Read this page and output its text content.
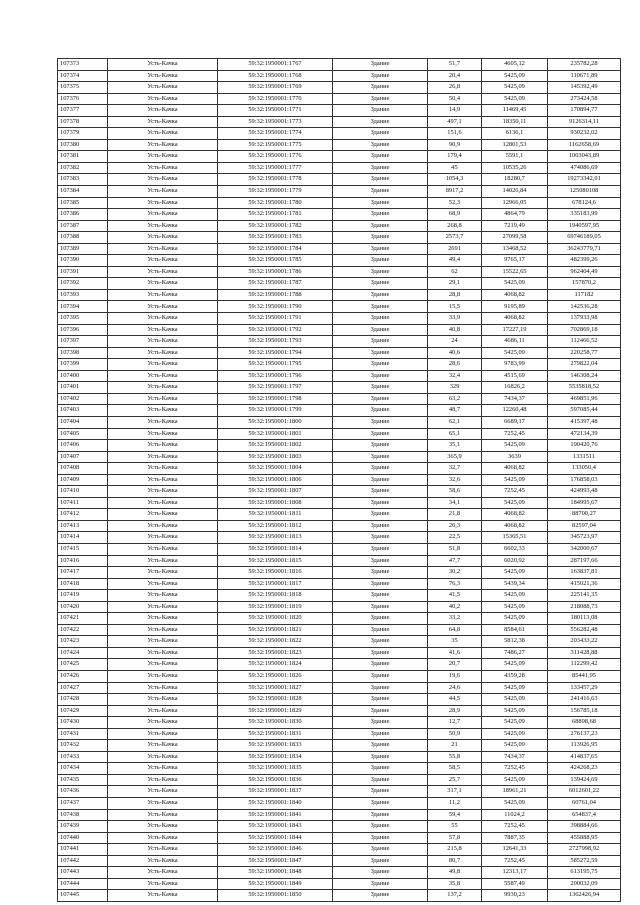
107373	Усть-Качка	59:32:1950001:1767	Здание	51,7	4605,12	235782,28
107374	Усть-Качка	59:32:1950001:1768	Здание	20,4	5425,09	110671,89
107375	Усть-Качка	59:32:1950001:1769	Здание	26,8	5425,09	145392,49
107376	Усть-Качка	59:32:1950001:1770	Здание	50,4	5425,09	273424,58
107377	Усть-Качка	59:32:1950001:1771	Здание	14,9	11469,45	170894,77
107378	Усть-Качка	59:32:1950001:1773	Здание	497,1	18350,11	9126314,11
107379	Усть-Качка	59:32:1950001:1774	Здание	151,6	6136,1	930232,02
107380	Усть-Качка	59:32:1950001:1775	Здание	90,9	12801,53	1162658,69
107381	Усть-Качка	59:32:1950001:1776	Здание	179,4	5591,1	1003043,89
107382	Усть-Качка	59:32:1950001:1777	Здание	45	10535,26	474086,69
107383	Усть-Качка	59:32:1950001:1778	Здание	1054,3	18280,7	19273342,01
107384	Усть-Качка	59:32:1950001:1779	Здание	8917,2	14026,84	125080108
107385	Усть-Качка	59:32:1950001:1780	Здание	52,3	12966,05	678124,6
107386	Усть-Качка	59:32:1950001:1781	Здание	68,9	4864,79	335183,99
107387	Усть-Качка	59:32:1950001:1782	Здание	268,8	7219,49	1940597,95
107388	Усть-Качка	59:32:1950001:1783	Здание	2573,7	27099,58	69746189,05
107389	Усть-Качка	59:32:1950001:1784	Здание	2691	13468,52	36243779,71
107390	Усть-Качка	59:32:1950001:1785	Здание	49,4	9765,17	482399,26
107391	Усть-Качка	59:32:1950001:1786	Здание	62	15522,65	962404,49
107392	Усть-Качка	59:32:1950001:1787	Здание	29,1	5425,09	157870,2
107393	Усть-Качка	59:32:1950001:1788	Здание	28,8	4068,82	117182
107394	Усть-Качка	59:32:1950001:1790	Здание	15,5	9195,89	142536,28
107395	Усть-Качка	59:32:1950001:1791	Здание	33,9	4068,82	137933,98
107396	Усть-Качка	59:32:1950001:1792	Здание	40,8	17227,19	702869,18
107397	Усть-Качка	59:32:1950001:1793	Здание	24	4686,11	112466,52
107398	Усть-Качка	59:32:1950001:1794	Здание	40,6	5425,09	220258,77
107399	Усть-Качка	59:32:1950001:1795	Здание	28,6	9783,99	279822,04
107400	Усть-Качка	59:32:1950001:1796	Здание	32,4	4515,69	146308,24
107401	Усть-Качка	59:32:1950001:1797	Здание	329	16826,2	5535818,52
107402	Усть-Качка	59:32:1950001:1798	Здание	63,2	7434,37	469851,96
107403	Усть-Качка	59:32:1950001:1799	Здание	48,7	12260,48	597085,44
107404	Усть-Качка	59:32:1950001:1800	Здание	62,1	6689,17	415397,48
107405	Усть-Качка	59:32:1950001:1801	Здание	65,1	7252,45	472134,39
107406	Усть-Качка	59:32:1950001:1802	Здание	35,1	5425,09	190420,76
107407	Усть-Качка	59:32:1950001:1803	Здание	365,9	3639	1331511
107408	Усть-Качка	59:32:1950001:1804	Здание	32,7	4068,82	133050,4
107409	Усть-Качка	59:32:1950001:1806	Здание	32,6	5425,09	176858,03
107410	Усть-Качка	59:32:1950001:1807	Здание	58,6	7252,45	424993,48
107411	Усть-Качка	59:32:1950001:1808	Здание	34,1	5425,09	184995,67
107412	Усть-Качка	59:32:1950001:1811	Здание	21,8	4068,82	88700,27
107413	Усть-Качка	59:32:1950001:1812	Здание	20,3	4068,82	82597,04
107414	Усть-Качка	59:32:1950001:1813	Здание	22,5	15365,51	345723,97
107415	Усть-Качка	59:32:1950001:1814	Здание	51,8	6602,33	342000,67
107416	Усть-Качка	59:32:1950001:1815	Здание	47,7	6020,92	287197,66
107417	Усть-Качка	59:32:1950001:1816	Здание	30,2	5425,09	163837,81
107418	Усть-Качка	59:32:1950001:1817	Здание	76,3	5439,34	415021,36
107419	Усть-Качка	59:32:1950001:1818	Здание	41,5	5425,09	225141,35
107420	Усть-Качка	59:32:1950001:1819	Здание	40,2	5425,09	218088,73
107421	Усть-Качка	59:32:1950001:1820	Здание	33,2	5425,09	180113,08
107422	Усть-Качка	59:32:1950001:1821	Здание	64,8	8584,61	556282,48
107423	Усть-Качка	59:32:1950001:1822	Здание	35	5812,38	203433,22
107424	Усть-Качка	59:32:1950001:1823	Здание	41,6	7486,27	311428,88
107425	Усть-Качка	59:32:1950001:1824	Здание	20,7	5425,09	112299,42
107426	Усть-Качка	59:32:1950001:1826	Здание	19,6	4359,28	85441,95
107427	Усть-Качка	59:32:1950001:1827	Здание	24,6	5425,09	133457,29
107428	Усть-Качка	59:32:1950001:1828	Здание	44,5	5425,09	241416,63
107429	Усть-Качка	59:32:1950001:1829	Здание	28,9	5425,09	156785,18
107430	Усть-Качка	59:32:1950001:1830	Здание	12,7	5425,09	68898,68
107431	Усть-Качка	59:32:1950001:1831	Здание	50,9	5425,09	276137,23
107432	Усть-Качка	59:32:1950001:1833	Здание	21	5425,09	113926,95
107433	Усть-Качка	59:32:1950001:1834	Здание	55,8	7434,37	414837,65
107434	Усть-Качка	59:32:1950001:1835	Здание	58,5	7252,45	424268,23
107435	Усть-Качка	59:32:1950001:1836	Здание	25,7	5425,09	139424,69
107436	Усть-Качка	59:32:1950001:1837	Здание	317,1	18961,21	6012601,22
107437	Усть-Качка	59:32:1950001:1840	Здание	11,2	5425,09	60761,04
107438	Усть-Качка	59:32:1950001:1841	Здание	59,4	11024,2	654837,4
107439	Усть-Качка	59:32:1950001:1843	Здание	55	7252,45	398884,66
107440	Усть-Качка	59:32:1950001:1844	Здание	57,8	7887,35	455888,95
107441	Усть-Качка	59:32:1950001:1846	Здание	215,8	12641,33	2727998,92
107442	Усть-Качка	59:32:1950001:1847	Здание	80,7	7252,45	585272,59
107443	Усть-Качка	59:32:1950001:1848	Здание	49,8	12313,17	613195,75
107444	Усть-Качка	59:32:1950001:1849	Здание	35,8	5587,49	200032,09
107445	Усть-Качка	59:32:1950001:1850	Здание	137,2	9930,23	1362426,94
